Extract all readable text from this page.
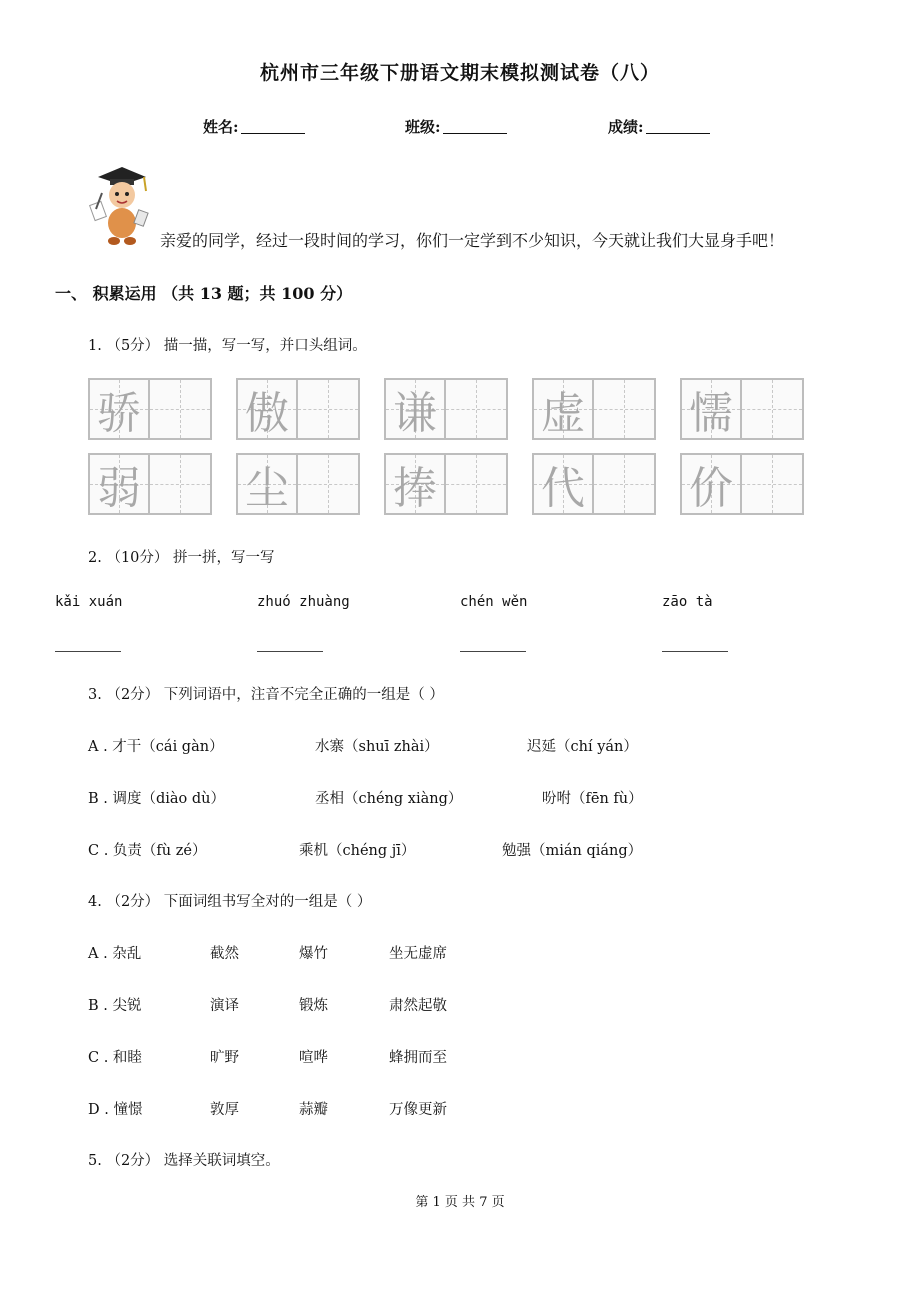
杭州市三年级下册语文期末模拟测试卷（八）
姓名:	班级:	成绩:
亲爱的同学，经过一段时间的学习，你们一定学到不少知识，今天就让我们大显身手吧！
一、 积累运用 （共 13 题；共 100 分）
1. （5分） 描一描，写一写，并口头组词。
骄 傲 谦 虚 懦
弱 尘 捧 代 价
2. （10分） 拼一拼，写一写
kǎi xuán	zhuó zhuàng	chén wěn	zāo tà
3. （2分） 下列词语中，注音不完全正确的一组是（ ）
A . 才干（cái gàn）	水寨（shuī zhài）	迟延（chí yán）
B . 调度（diào dù）	丞相（chéng xiàng）	吩咐（fēn fù）
C . 负责（fù zé）	乘机（chéng jī）	勉强（mián qiáng）
4. （2分） 下面词组书写全对的一组是（ ）
A . 杂乱	截然	爆竹	坐无虚席
B . 尖锐	演译	锻炼	肃然起敬
C . 和睦	旷野	喧哗	蜂拥而至
D . 憧憬	敦厚	蒜瓣	万像更新
5. （2分） 选择关联词填空。
第 1 页 共 7 页
